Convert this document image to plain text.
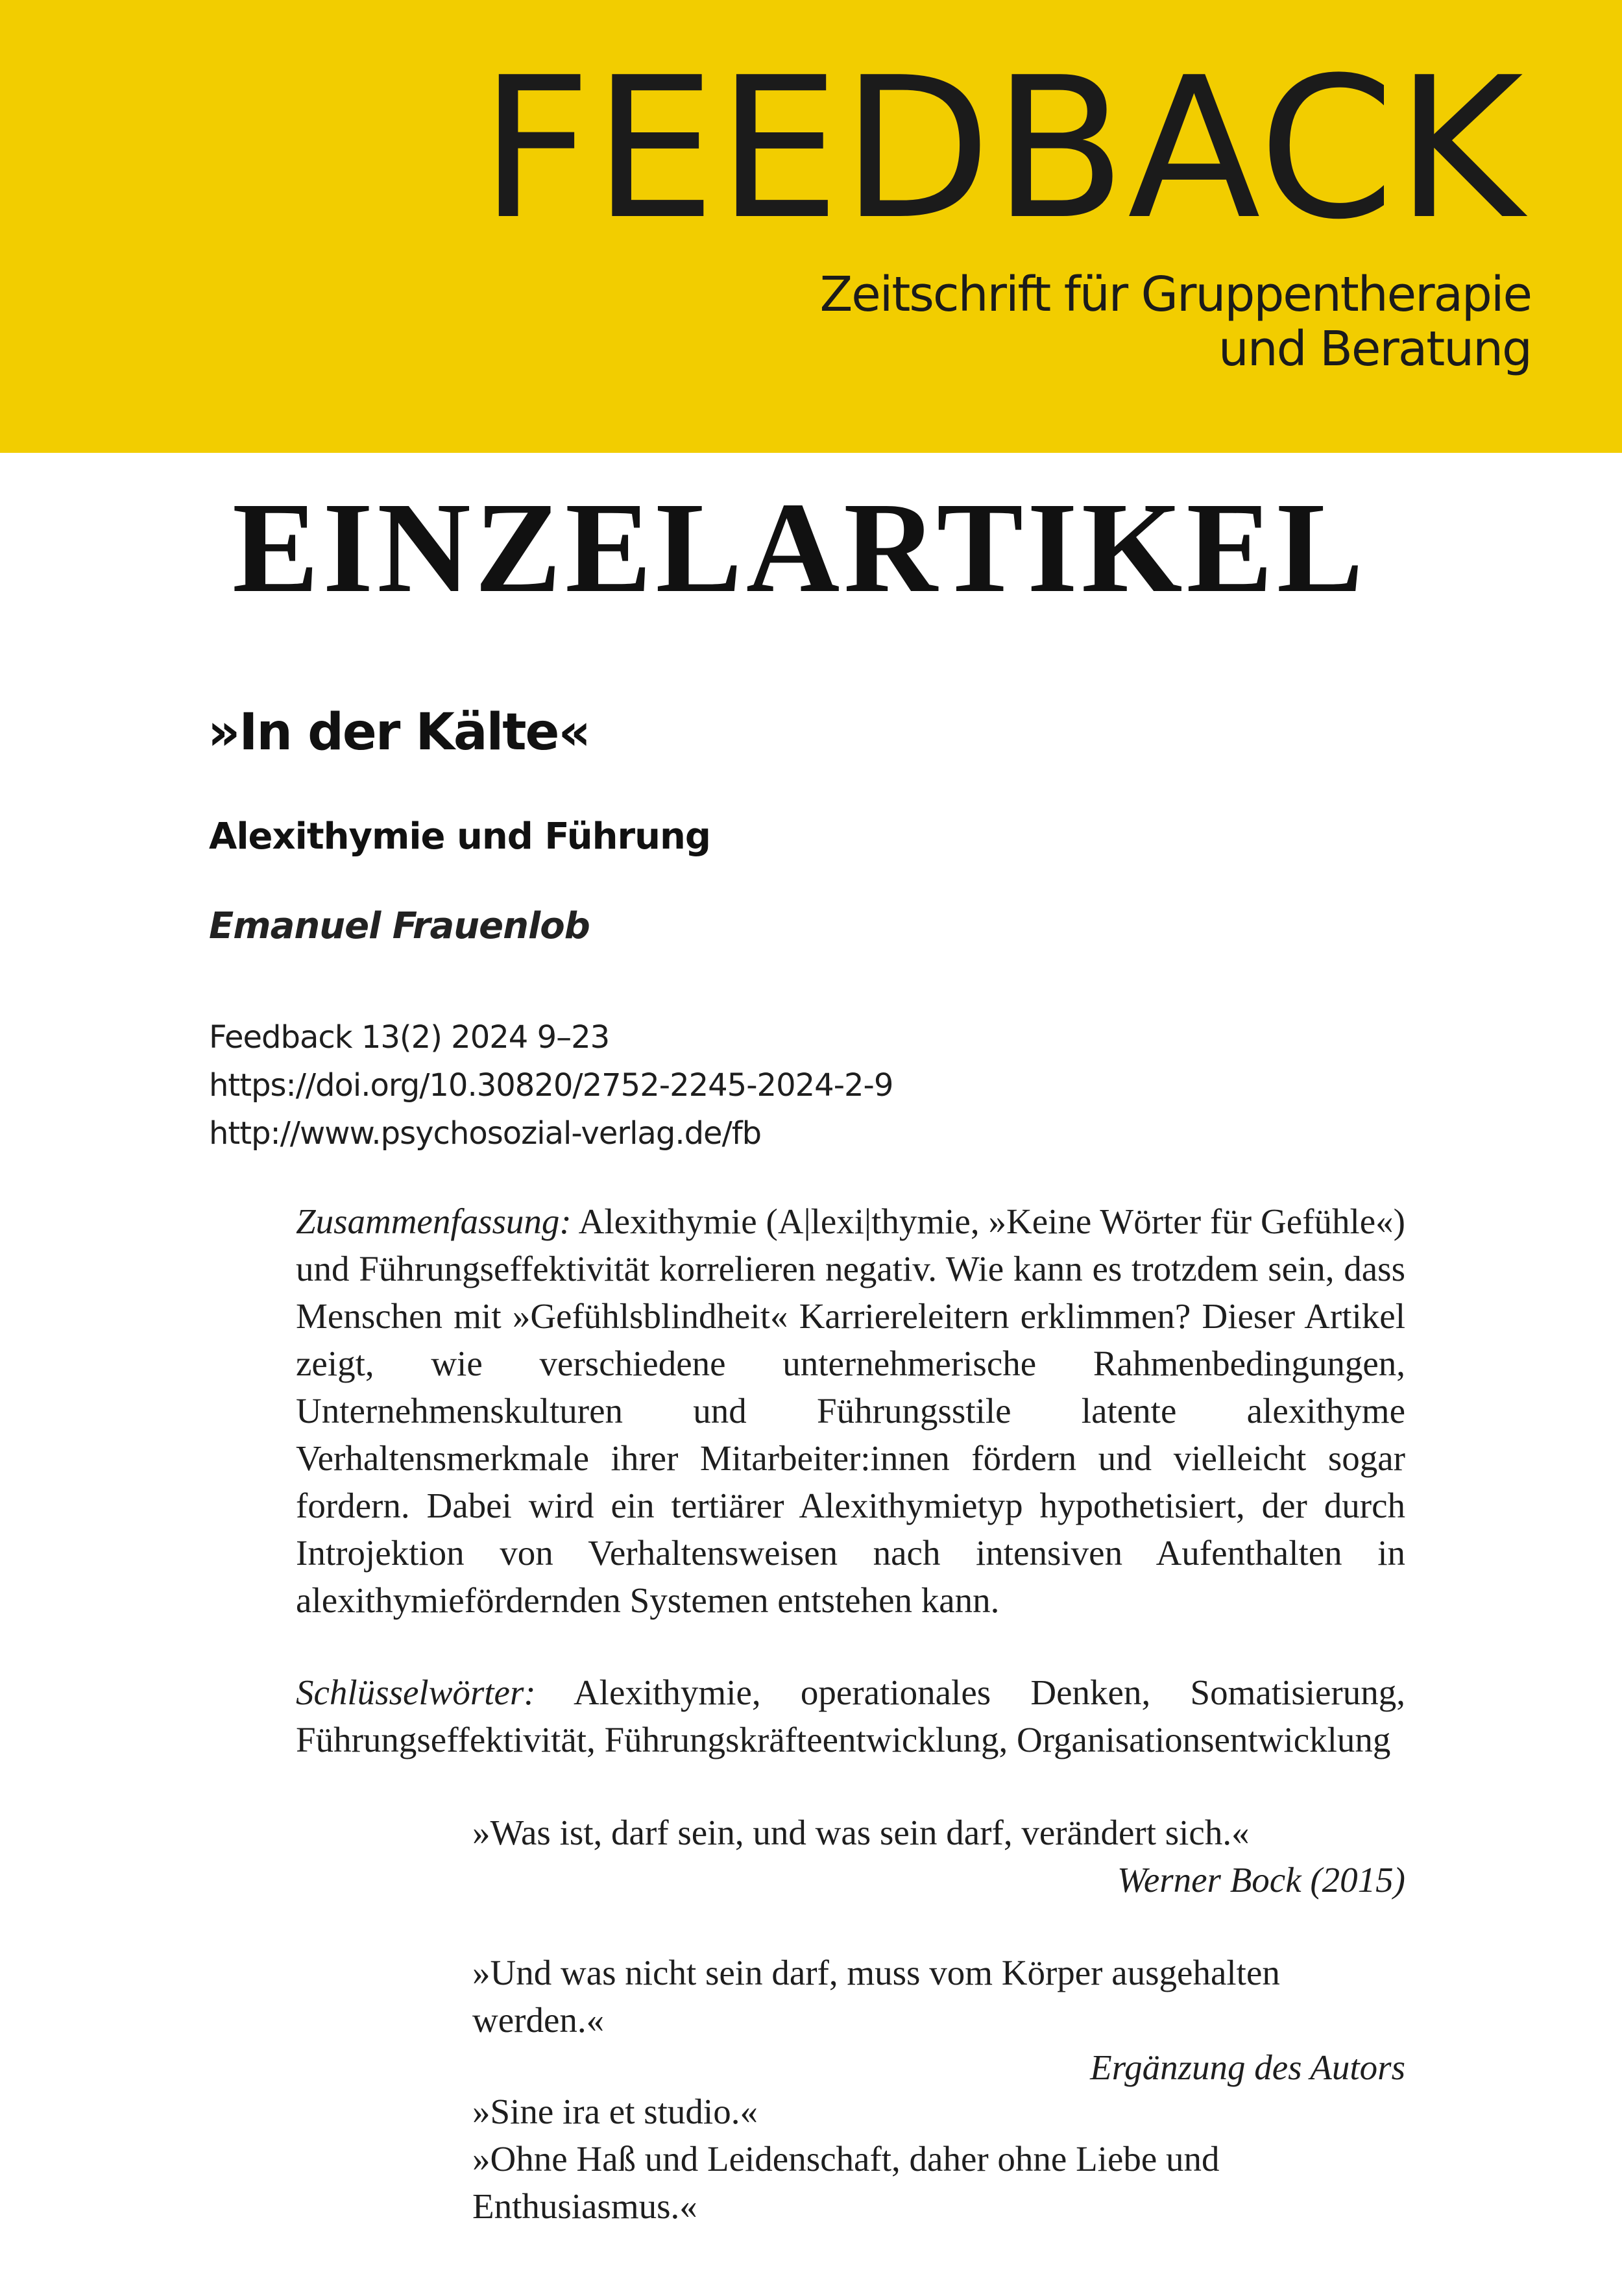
FEEDBACK
Zeitschrift für Gruppentherapie
und Beratung
EINZELARTIKEL
»In der Kälte«
Alexithymie und Führung
Emanuel Frauenlob
Feedback 13(2) 2024 9–23
https://doi.org/10.30820/2752-2245-2024-2-9
http://www.psychosozial-verlag.de/fb
Zusammenfassung: Alexithymie (A|lexi|thymie, »Keine Wörter für Gefühle«) und Führungseffektivität korrelieren negativ. Wie kann es trotzdem sein, dass Menschen mit »Gefühlsblindheit« Karriereleitern erklimmen? Dieser Artikel zeigt, wie verschiedene unternehmerische Rahmenbedingungen, Unternehmenskulturen und Führungsstile latente alexithyme Verhaltensmerkmale ihrer Mitarbeiter:innen fördern und vielleicht sogar fordern. Dabei wird ein tertiärer Alexithymietyp hypothetisiert, der durch Introjektion von Verhaltensweisen nach intensiven Aufenthalten in alexithymiefördernden Systemen entstehen kann.
Schlüsselwörter: Alexithymie, operationales Denken, Somatisierung, Führungseffektivität, Führungskräfteentwicklung, Organisationsentwicklung
»Was ist, darf sein, und was sein darf, verändert sich.«
Werner Bock (2015)
»Und was nicht sein darf, muss vom Körper ausgehalten werden.«
Ergänzung des Autors
»Sine ira et studio.«
»Ohne Haß und Leidenschaft, daher ohne Liebe und Enthusiasmus.«
